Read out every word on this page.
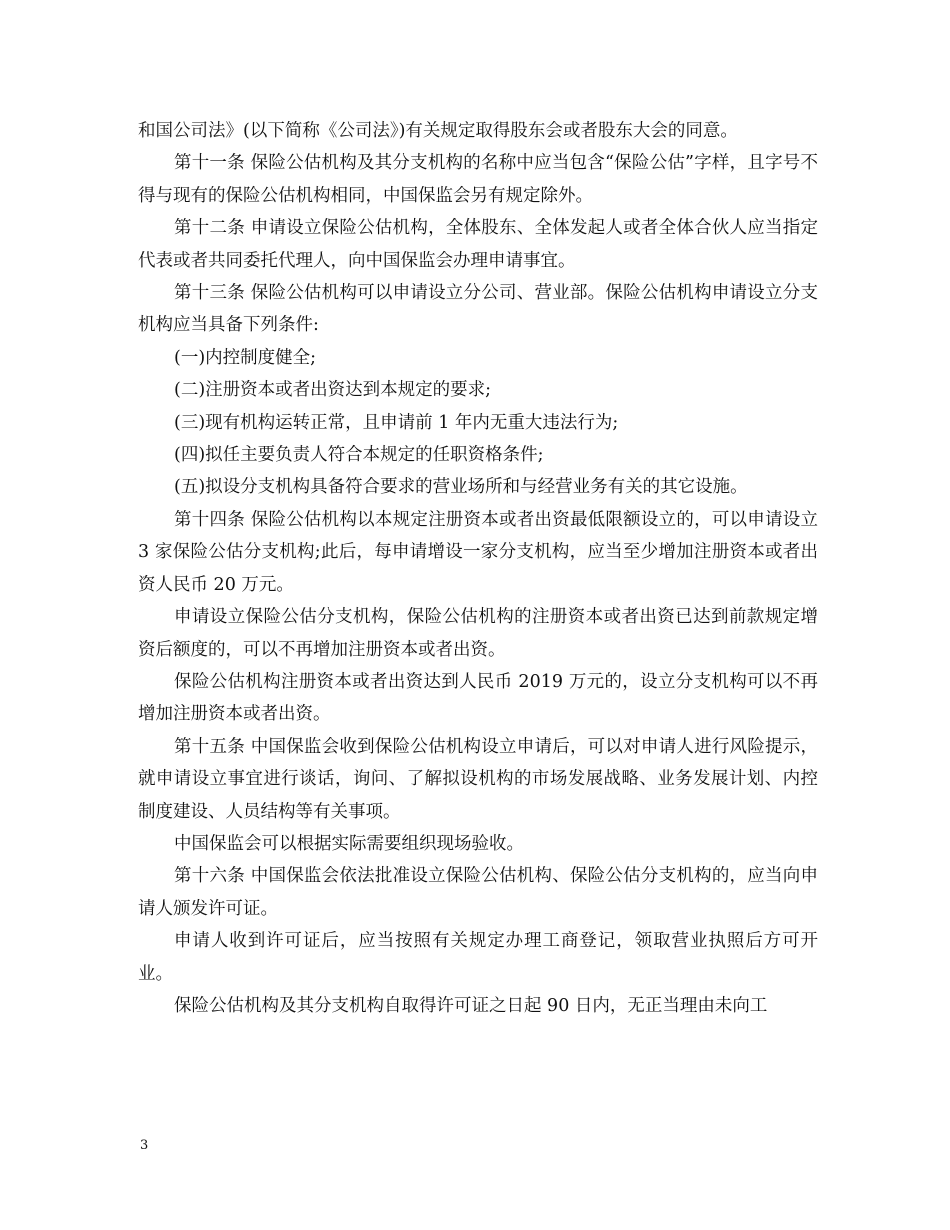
和国公司法》(以下简称《公司法》)有关规定取得股东会或者股东大会的同意。

第十一条 保险公估机构及其分支机构的名称中应当包含“保险公估”字样，且字号不得与现有的保险公估机构相同，中国保监会另有规定除外。

第十二条 申请设立保险公估机构，全体股东、全体发起人或者全体合伙人应当指定代表或者共同委托代理人，向中国保监会办理申请事宜。

第十三条 保险公估机构可以申请设立分公司、营业部。保险公估机构申请设立分支机构应当具备下列条件:

(一)内控制度健全;

(二)注册资本或者出资达到本规定的要求;

(三)现有机构运转正常，且申请前 1 年内无重大违法行为;

(四)拟任主要负责人符合本规定的任职资格条件;

(五)拟设分支机构具备符合要求的营业场所和与经营业务有关的其它设施。

第十四条 保险公估机构以本规定注册资本或者出资最低限额设立的，可以申请设立 3 家保险公估分支机构;此后，每申请增设一家分支机构，应当至少增加注册资本或者出资人民币 20 万元。

申请设立保险公估分支机构，保险公估机构的注册资本或者出资已达到前款规定增资后额度的，可以不再增加注册资本或者出资。

保险公估机构注册资本或者出资达到人民币 2019 万元的，设立分支机构可以不再增加注册资本或者出资。

第十五条 中国保监会收到保险公估机构设立申请后，可以对申请人进行风险提示，就申请设立事宜进行谈话，询问、了解拟设机构的市场发展战略、业务发展计划、内控制度建设、人员结构等有关事项。

中国保监会可以根据实际需要组织现场验收。

第十六条 中国保监会依法批准设立保险公估机构、保险公估分支机构的，应当向申请人颁发许可证。

申请人收到许可证后，应当按照有关规定办理工商登记，领取营业执照后方可开业。

保险公估机构及其分支机构自取得许可证之日起 90 日内，无正当理由未向工

3
